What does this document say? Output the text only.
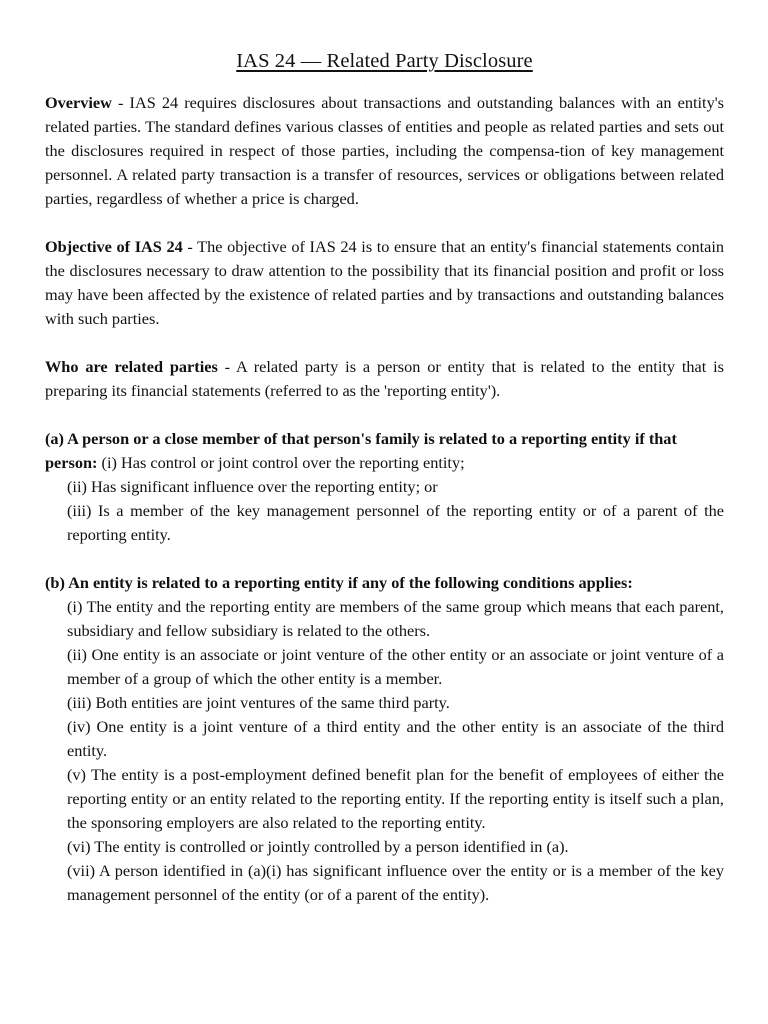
IAS 24 — Related Party Disclosure

Overview - IAS 24 requires disclosures about transactions and outstanding balances with an entity's related parties. The standard defines various classes of entities and people as related parties and sets out the disclosures required in respect of those parties, including the compensa-tion of key management personnel. A related party transaction is a transfer of resources, services or obligations between related parties, regardless of whether a price is charged.

Objective of IAS 24 - The objective of IAS 24 is to ensure that an entity's financial statements contain the disclosures necessary to draw attention to the possibility that its financial position and profit or loss may have been affected by the existence of related parties and by transactions and outstanding balances with such parties.

Who are related parties - A related party is a person or entity that is related to the entity that is preparing its financial statements (referred to as the 'reporting entity').

(a) A person or a close member of that person's family is related to a reporting entity if that person: (i) Has control or joint control over the reporting entity;

(ii) Has significant influence over the reporting entity; or
(iii) Is a member of the key management personnel of the reporting entity or of a parent of the reporting entity.

(b) An entity is related to a reporting entity if any of the following conditions applies:

(i) The entity and the reporting entity are members of the same group which means that each parent, subsidiary and fellow subsidiary is related to the others.
(ii) One entity is an associate or joint venture of the other entity or an associate or joint venture of a member of a group of which the other entity is a member.
(iii) Both entities are joint ventures of the same third party.
(iv) One entity is a joint venture of a third entity and the other entity is an associate of the third entity.
(v) The entity is a post-employment defined benefit plan for the benefit of employees of either the reporting entity or an entity related to the reporting entity. If the reporting entity is itself such a plan, the sponsoring employers are also related to the reporting entity.
(vi) The entity is controlled or jointly controlled by a person identified in (a).
(vii) A person identified in (a)(i) has significant influence over the entity or is a member of the key management personnel of the entity (or of a parent of the entity).
